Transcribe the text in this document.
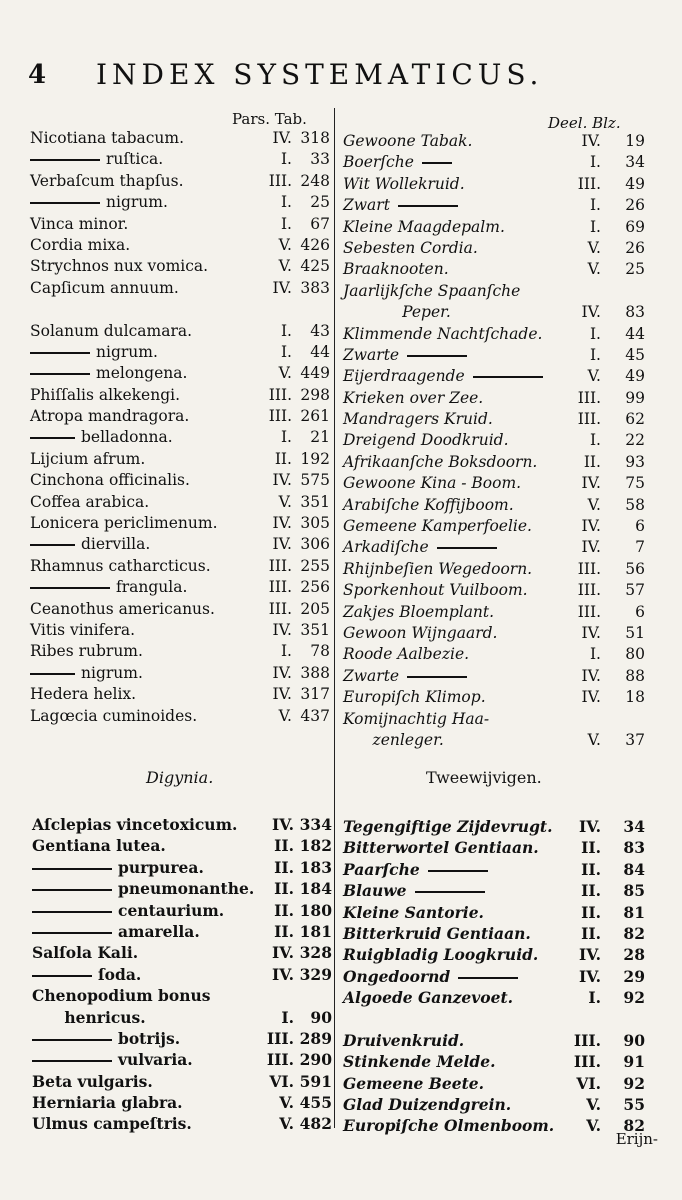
4 INDEX SYSTEMATICUS.
Pars. Tab.	Deel. Blz.
Nicotiana tabacum.	IV. 318
ruſtica.	I.	33
Verbaſcum thapſus.	III. 248
nigrum.	I.	25
Vinca minor.	I.	67
Cordia mixa.	V. 426
Strychnos nux vomica.	V. 425
Capſicum annuum.	IV. 383
Solanum dulcamara.	I.	43
nigrum.	I.	44
melongena.	V. 449
Phiſſalis alkekengi.	III. 298
Atropa mandragora.	III. 261
belladonna.	I.	21
Lijcium afrum.	II. 192
Cinchona officinalis.	IV. 575
Coffea arabica.	V. 351
Lonicera periclimenum.	IV. 305
diervilla.	IV. 306
Rhamnus catharcticus.	III. 255
frangula.	III. 256
Ceanothus americanus.	III. 205
Vitis vinifera.	IV. 351
Ribes rubrum.	I.	78
nigrum.	IV. 388
Hedera helix.	IV. 317
Lagœcia cuminoides.	V. 437
Gewoone Tabak.	IV.	19
Boerſche	I.	34
Wit Wollekruid.	III.	49
Zwart	I.	26
Kleine Maagdepalm.	I.	69
Sebesten Cordia.	V.	26
Braaknooten.	V.	25
Jaarlijkſche Spaanſche
Peper.	IV.	83
Klimmende Nachtſchade.	I.	44
Zwarte	I.	45
Eijerdraagende	V.	49
Krieken over Zee.	III.	99
Mandragers Kruid.	III.	62
Dreigend Doodkruid.	I.	22
Afrikaanſche Boksdoorn.	II.	93
Gewoone Kina - Boom.	IV.	75
Arabiſche Koffijboom.	V.	58
Gemeene Kamperfoelie.	IV.	6
Arkadiſche	IV.	7
Rhijnbeſien Wegedoorn.	III.	56
Sporkenhout Vuilboom.	III.	57
Zakjes Bloemplant.	III.	6
Gewoon Wijngaard.	IV.	51
Roode Aalbezie.	I.	80
Zwarte	IV.	88
Europiſch Klimop.	IV.	18
Komijnachtig Haa-
zenleger.	V.	37
Digynia.	Tweewijvigen.
Aſclepias vincetoxicum.	IV. 334
Gentiana lutea.	II. 182
purpurea.	II. 183
pneumonanthe.	II. 184
centaurium.	II. 180
amarella.	II. 181
Salſola Kali.	IV. 328
ſoda.	IV. 329
Chenopodium bonus
henricus.	I.	90
botrijs.	III. 289
vulvaria.	III. 290
Beta vulgaris.	VI. 591
Herniaria glabra.	V. 455
Ulmus campeſtris.	V. 482
Tegengiftige Zijdevrugt.	IV.	34
Bitterwortel Gentiaan.	II.	83
Paarſche	II.	84
Blauwe	II.	85
Kleine Santorie.	II.	81
Bitterkruid Gentiaan.	II.	82
Ruigbladig Loogkruid.	IV.	28
Ongedoornd	IV.	29
Algoede Ganzevoet.	I.	92
Druivenkruid.	III.	90
Stinkende Melde.	III.	91
Gemeene Beete.	VI.	92
Glad Duizendgrein.	V.	55
Europiſche Olmenboom.	V.	82
Erijn-
